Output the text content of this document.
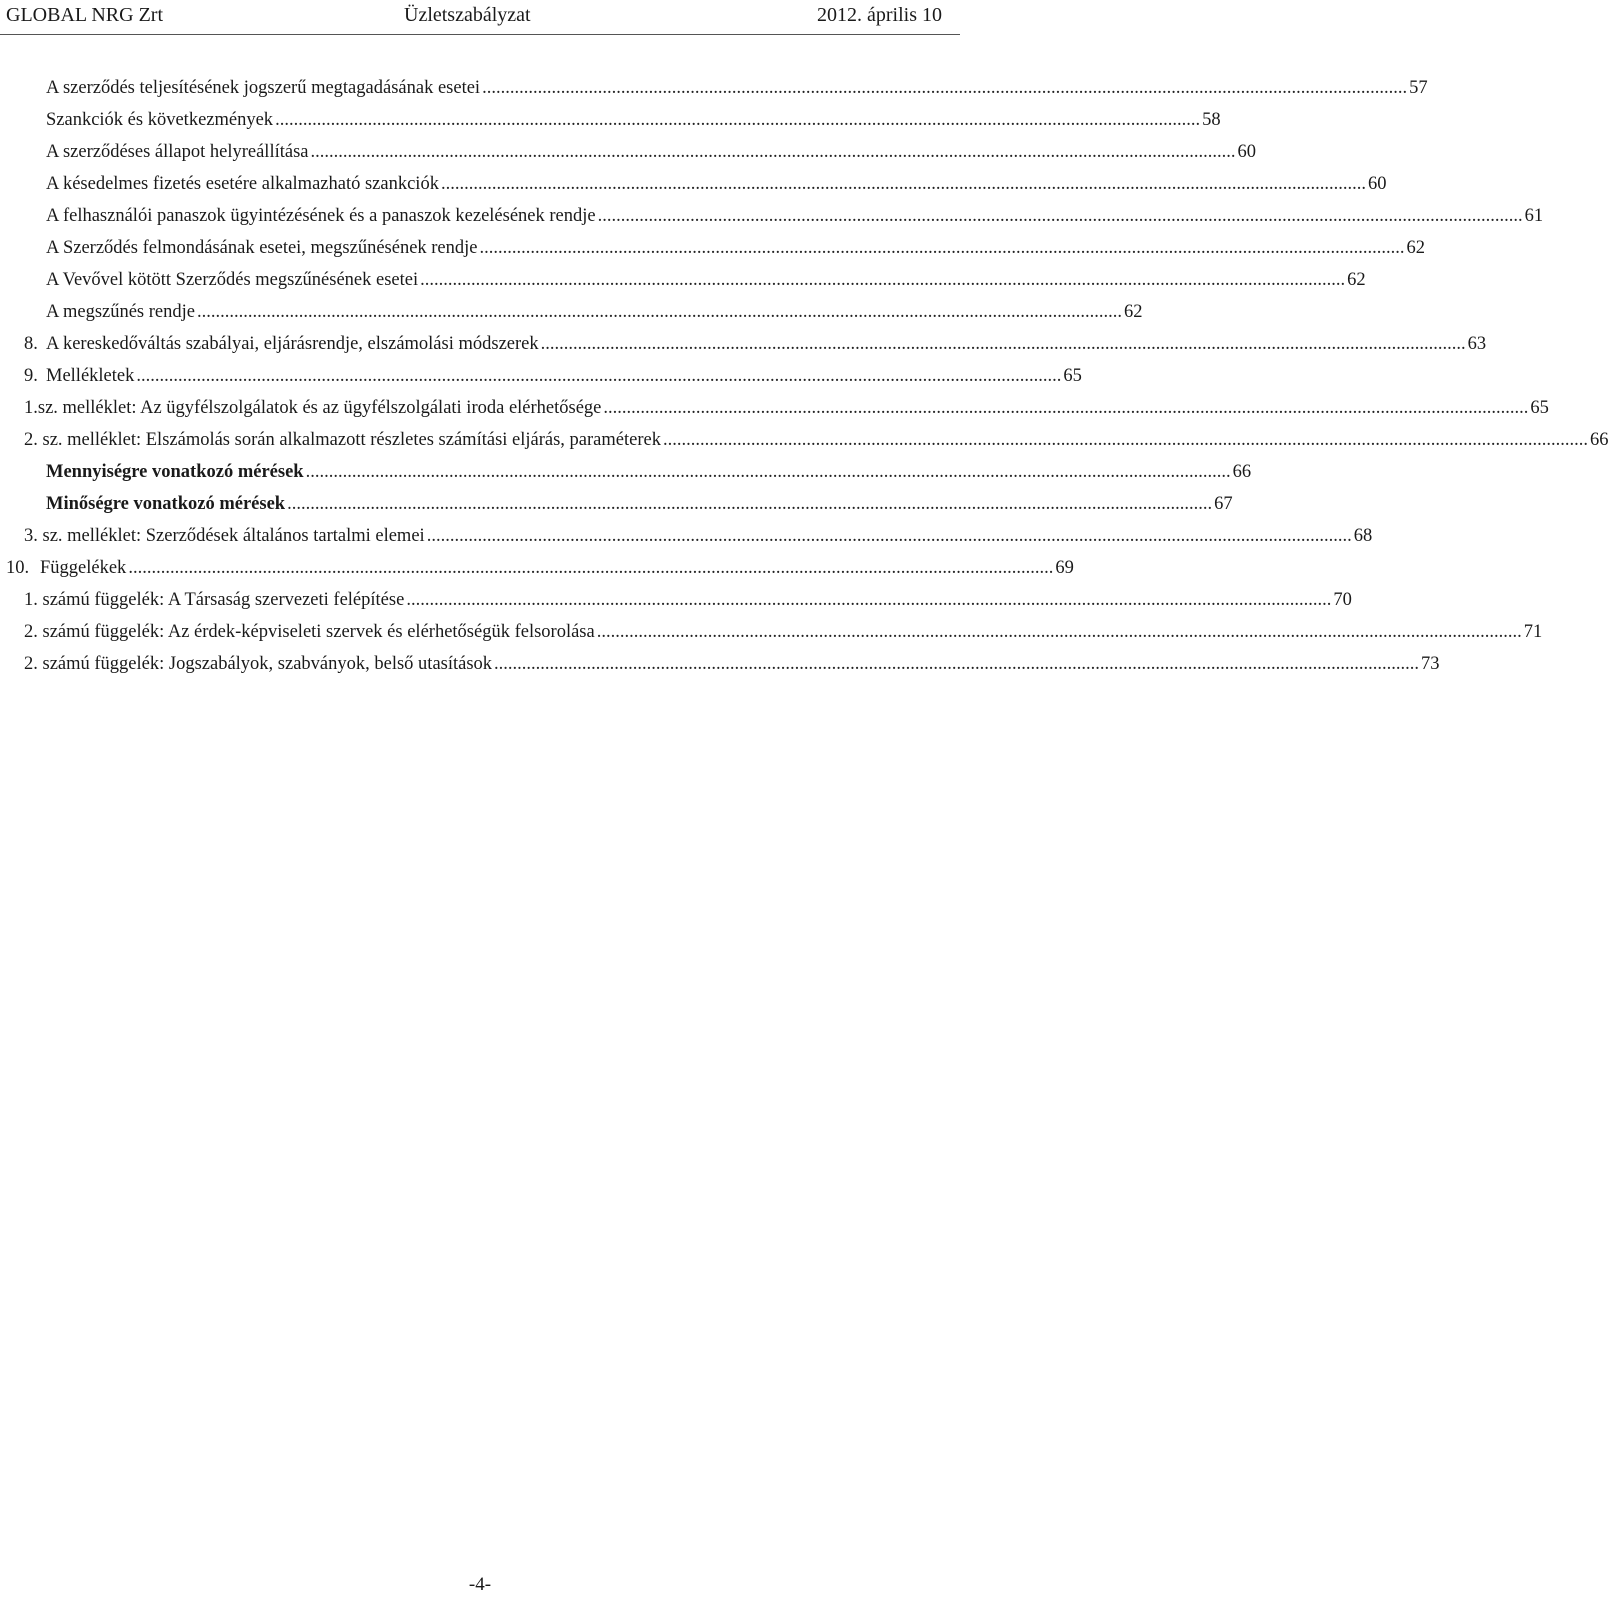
GLOBAL NRG Zrt	Üzletszabályzat	2012. április 10
A szerződés teljesítésének jogszerű megtagadásának esetei ........................................................................................................................................................................................................ 57
Szankciók és következmények ........................................................................................................................................................................................................ 58
A szerződéses állapot helyreállítása ........................................................................................................................................................................................................ 60
A késedelmes fizetés esetére alkalmazható szankciók ........................................................................................................................................................................................................ 60
A felhasználói panaszok ügyintézésének és a panaszok kezelésének rendje ........................................................................................................................................................................................................ 61
A Szerződés felmondásának esetei, megszűnésének rendje ........................................................................................................................................................................................................ 62
A Vevővel kötött Szerződés megszűnésének esetei ........................................................................................................................................................................................................ 62
A megszűnés rendje ........................................................................................................................................................................................................ 62
8. A kereskedőváltás szabályai, eljárásrendje, elszámolási módszerek ........................................................................................................................................................................................................ 63
9. Mellékletek ........................................................................................................................................................................................................ 65
1.sz. melléklet: Az ügyfélszolgálatok és az ügyfélszolgálati iroda elérhetősége ........................................................................................................................................................................................................ 65
2. sz. melléklet: Elszámolás során alkalmazott részletes számítási eljárás, paraméterek ........................................................................................................................................................................................................ 66
Mennyiségre vonatkozó mérések ........................................................................................................................................................................................................ 66
Minőségre vonatkozó mérések ........................................................................................................................................................................................................ 67
3. sz. melléklet: Szerződések általános tartalmi elemei ........................................................................................................................................................................................................ 68
10. Függelékek ........................................................................................................................................................................................................ 69
1. számú függelék: A Társaság szervezeti felépítése ........................................................................................................................................................................................................ 70
2. számú függelék: Az érdek-képviseleti szervek és elérhetőségük felsorolása ........................................................................................................................................................................................................ 71
2. számú függelék: Jogszabályok, szabványok, belső utasítások ........................................................................................................................................................................................................ 73
-4-
